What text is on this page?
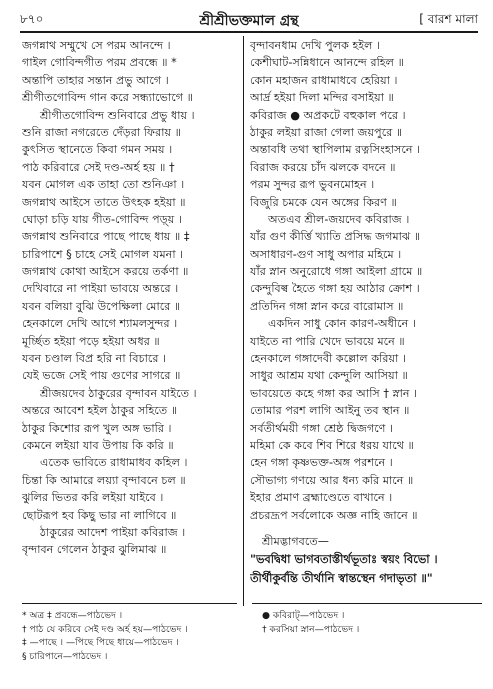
৮৭০	শ্রীশ্রীভক্তমাল গ্রন্থ	[ বারশ মালা
জগন্নাথ সম্মুখে সে পরম আনন্দে ।
গাইল গোবিন্দগীত পরম প্রবন্ধে ॥ *
অন্তাপি তাহার সন্তান প্রভু আগে ।
শ্রীগীতগোবিন্দ গান করে সন্ধ্যাভোগে ॥
শ্রীগীতগোবিন্দ শুনিবারে প্রভু ধায় ।
শুনি রাজা নগরেতে দেঁড়রা ফিরায় ॥
কুৎসিত স্থানেতে কিবা গমন সময় ।
পাঠ করিবারে সেই দণ্ড-অর্হ হয় ॥ †
যবন মোগল এক তাহা তো শুনিঞা ।
জগন্নাথ আইসে তাতে উৎহক হইয়া ॥
ঘোড়া চড়ি যায় গীত-গোবিন্দ পড়্য় ।
জগন্নাথ শুনিবারে পাছে পাছে ধায় ॥ ‡
চারিপাশে § চাহে সেই মোগল যমনা ।
জগন্নাথ কোথা আইসে করয়ে তর্কণা ॥
দেখিবারে না পাইয়া ভাবয়ে অন্তরে ।
যবন বলিয়া বুঝি উপেক্ষিলা মোরে ॥
হেনকালে দেখি আগে শ্যামলসুন্দর ।
মূর্চ্ছিত হইয়া পড়ে হইয়া অধর ॥
যবন চণ্ডাল বিপ্র হরি না বিচারে ।
যেই ভজে সেই পায় গুণের সাগরে ॥
শ্রীজয়দেব ঠাকুরের বৃন্দাবন যাইতে ।
অন্তরে আবেশ হইল ঠাকুর সহিতে ॥
ঠাকুর কিশোর রূপ খুল অঙ্গ ভারি ।
কেমনে লইয়া যাব উপায় কি করি ॥
এতেক ভাবিতে রাধামাধব কহিল ।
চিন্তা কি আমারে লয়্যা বৃন্দাবনে চল ॥
ঝুলির ভিতর করি লইয়া যাইবে ।
ছোটরূপ হব কিছু ভার না লাগিবে ॥
ঠাকুরের আদেশ পাইয়া কবিরাজ ।
বৃন্দাবন গেলেন ঠাকুর ঝুলিমাঝ ॥
বৃন্দাবনধাম দেখি পুলক হইল ।
কেশীঘাট-সন্নিধানে আনন্দে রহিল ॥
কোন মহাজন রাধামাধবে হেরিয়া ।
আর্দ্র হইয়া দিলা মন্দির বসাইয়া ॥
কবিরাজ ● অপ্রকটে বহুকাল পরে ।
ঠাকুর লইয়া রাজা গেলা জয়পুরে ॥
অন্তাবধি তথা স্থাপিলাম রত্নসিংহাসনে ।
বিরাজ করয়ে চাঁদ ঝলকে বদনে ॥
পরম সুন্দর রূপ ভুবনমোহন ।
বিজুরি চমকে যেন অঙ্গের কিরণ ॥
অতএব শ্রীল-জয়দেব কবিরাজ ।
যাঁর গুণ কীর্ত্তি খ্যাতি প্রসিদ্ধ জগমাঝ ॥
অসাধারণ-গুণ সাধু অপার মহিমে ।
যাঁর স্নান অনুরোধে গঙ্গা আইলা গ্রামে ॥
কেন্দুবিল্ব হৈতে গঙ্গা হয় আঠার ক্রোশ ।
প্রতিদিন গঙ্গা স্নান করে বারোমাস ॥
একদিন সাধু কোন কারণ-অধীনে ।
যাইতে না পারি খেদে ভাবয়ে মনে ॥
হেনকালে গঙ্গাদেবী কল্লোল করিয়া ।
সাধুর আশ্রম যথা কেন্দুলি আসিয়া ॥
ভাবয়েতে কহে গঙ্গা কর আসি † স্নান ।
তোমার পরশ লাগি আইনু তব স্থান ॥
সর্বতীর্থময়ী গঙ্গা শ্রেষ্ঠ দ্বিজগণে ।
মহিমা কে কবে শিব শিরে ধরয় যাথে ॥
হেন গঙ্গা কৃষ্ণভক্ত-অঙ্গ পরশনে ।
সৌভাগ্য গণয়ে আর ধন্য করি মানে ॥
ইহার প্রমাণ ব্রহ্মাণ্ডেতে বাখানে ।
প্রচরদ্রূপ সর্বলোকে অজ্ঞ নাহি জানে ॥
শ্রীমদ্ভাগবতে—
"ভবদ্বিধা ভাগবতাস্তীর্থভূতাঃ স্বয়ং বিভো ।
তীর্থীকুর্বন্তি তীর্থানি স্বান্তস্থেন গদাভৃতা ॥"
* অত্র ‡ প্রবন্ধে—পাঠভেদ ।
† পাঠ যে করিবে সেই দণ্ড অর্হ হয়—পাঠভেদ ।
‡ —পাছে । —পিছে পিছে ধায়ে—পাঠভেদ ।
§ চারিপানে—পাঠভেদ ।
● কবিরাট্—পাঠভেদ ।
† করসিয়া স্নান—পাঠভেদ ।
